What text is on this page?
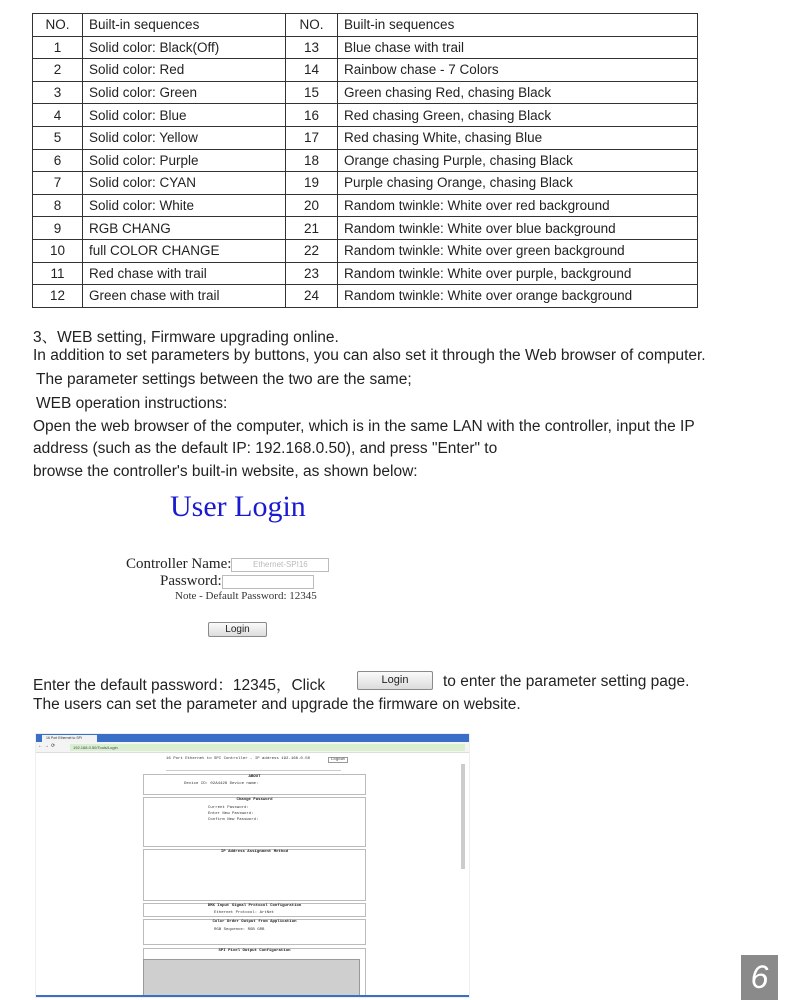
NO.	Built-in sequences	NO.	Built-in sequences
1	Solid color: Black(Off)	13	Blue chase with trail
2	Solid color: Red	14	Rainbow chase - 7 Colors
3	Solid color: Green	15	Green chasing Red, chasing Black
4	Solid color: Blue	16	Red chasing Green, chasing Black
5	Solid color: Yellow	17	Red chasing White, chasing Blue
6	Solid color: Purple	18	Orange chasing Purple, chasing Black
7	Solid color: CYAN	19	Purple chasing Orange, chasing Black
8	Solid color: White	20	Random twinkle: White over red background
9	RGB CHANG	21	Random twinkle: White over blue background
10	full COLOR CHANGE	22	Random twinkle: White over green background
11	Red chase with trail	23	Random twinkle: White over purple, background
12	Green chase with trail	24	Random twinkle: White over orange background
3、WEB setting, Firmware upgrading online.
In addition to set parameters by buttons, you can also set it through the Web browser of computer.
The parameter settings between the two are the same;
WEB operation instructions:
Open the web browser of the computer, which is in the same LAN with the controller, input the IP
address (such as the default IP: 192.168.0.50), and press "Enter" to
browse the controller's built-in website, as shown below:
User Login
Controller Name:	Ethernet-SPI16
Password:
Note - Default Password: 12345
Login
Enter the default password：12345，Click	Login	to enter the parameter setting page.
The users can set the parameter and upgrade the firmware on website.
16 Port Ethernet to SPI
← → ⟳	192.168.0.50/Tools/Login
16 Port Ethernet to SPI Controller - IP address 192.168.0.50	Logout
ABOUT
Device ID: 02A4428 Device name:
Change Password
Current Password:
Enter New Password:
Confirm New Password:
IP Address Assignment Method
DMX Input Signal Protocol Configuration
Ethernet Protocol: ArtNet
Color Order Output from Application
RGB Sequence: RGB GRB
SPI Pixel Output Configuration
6
